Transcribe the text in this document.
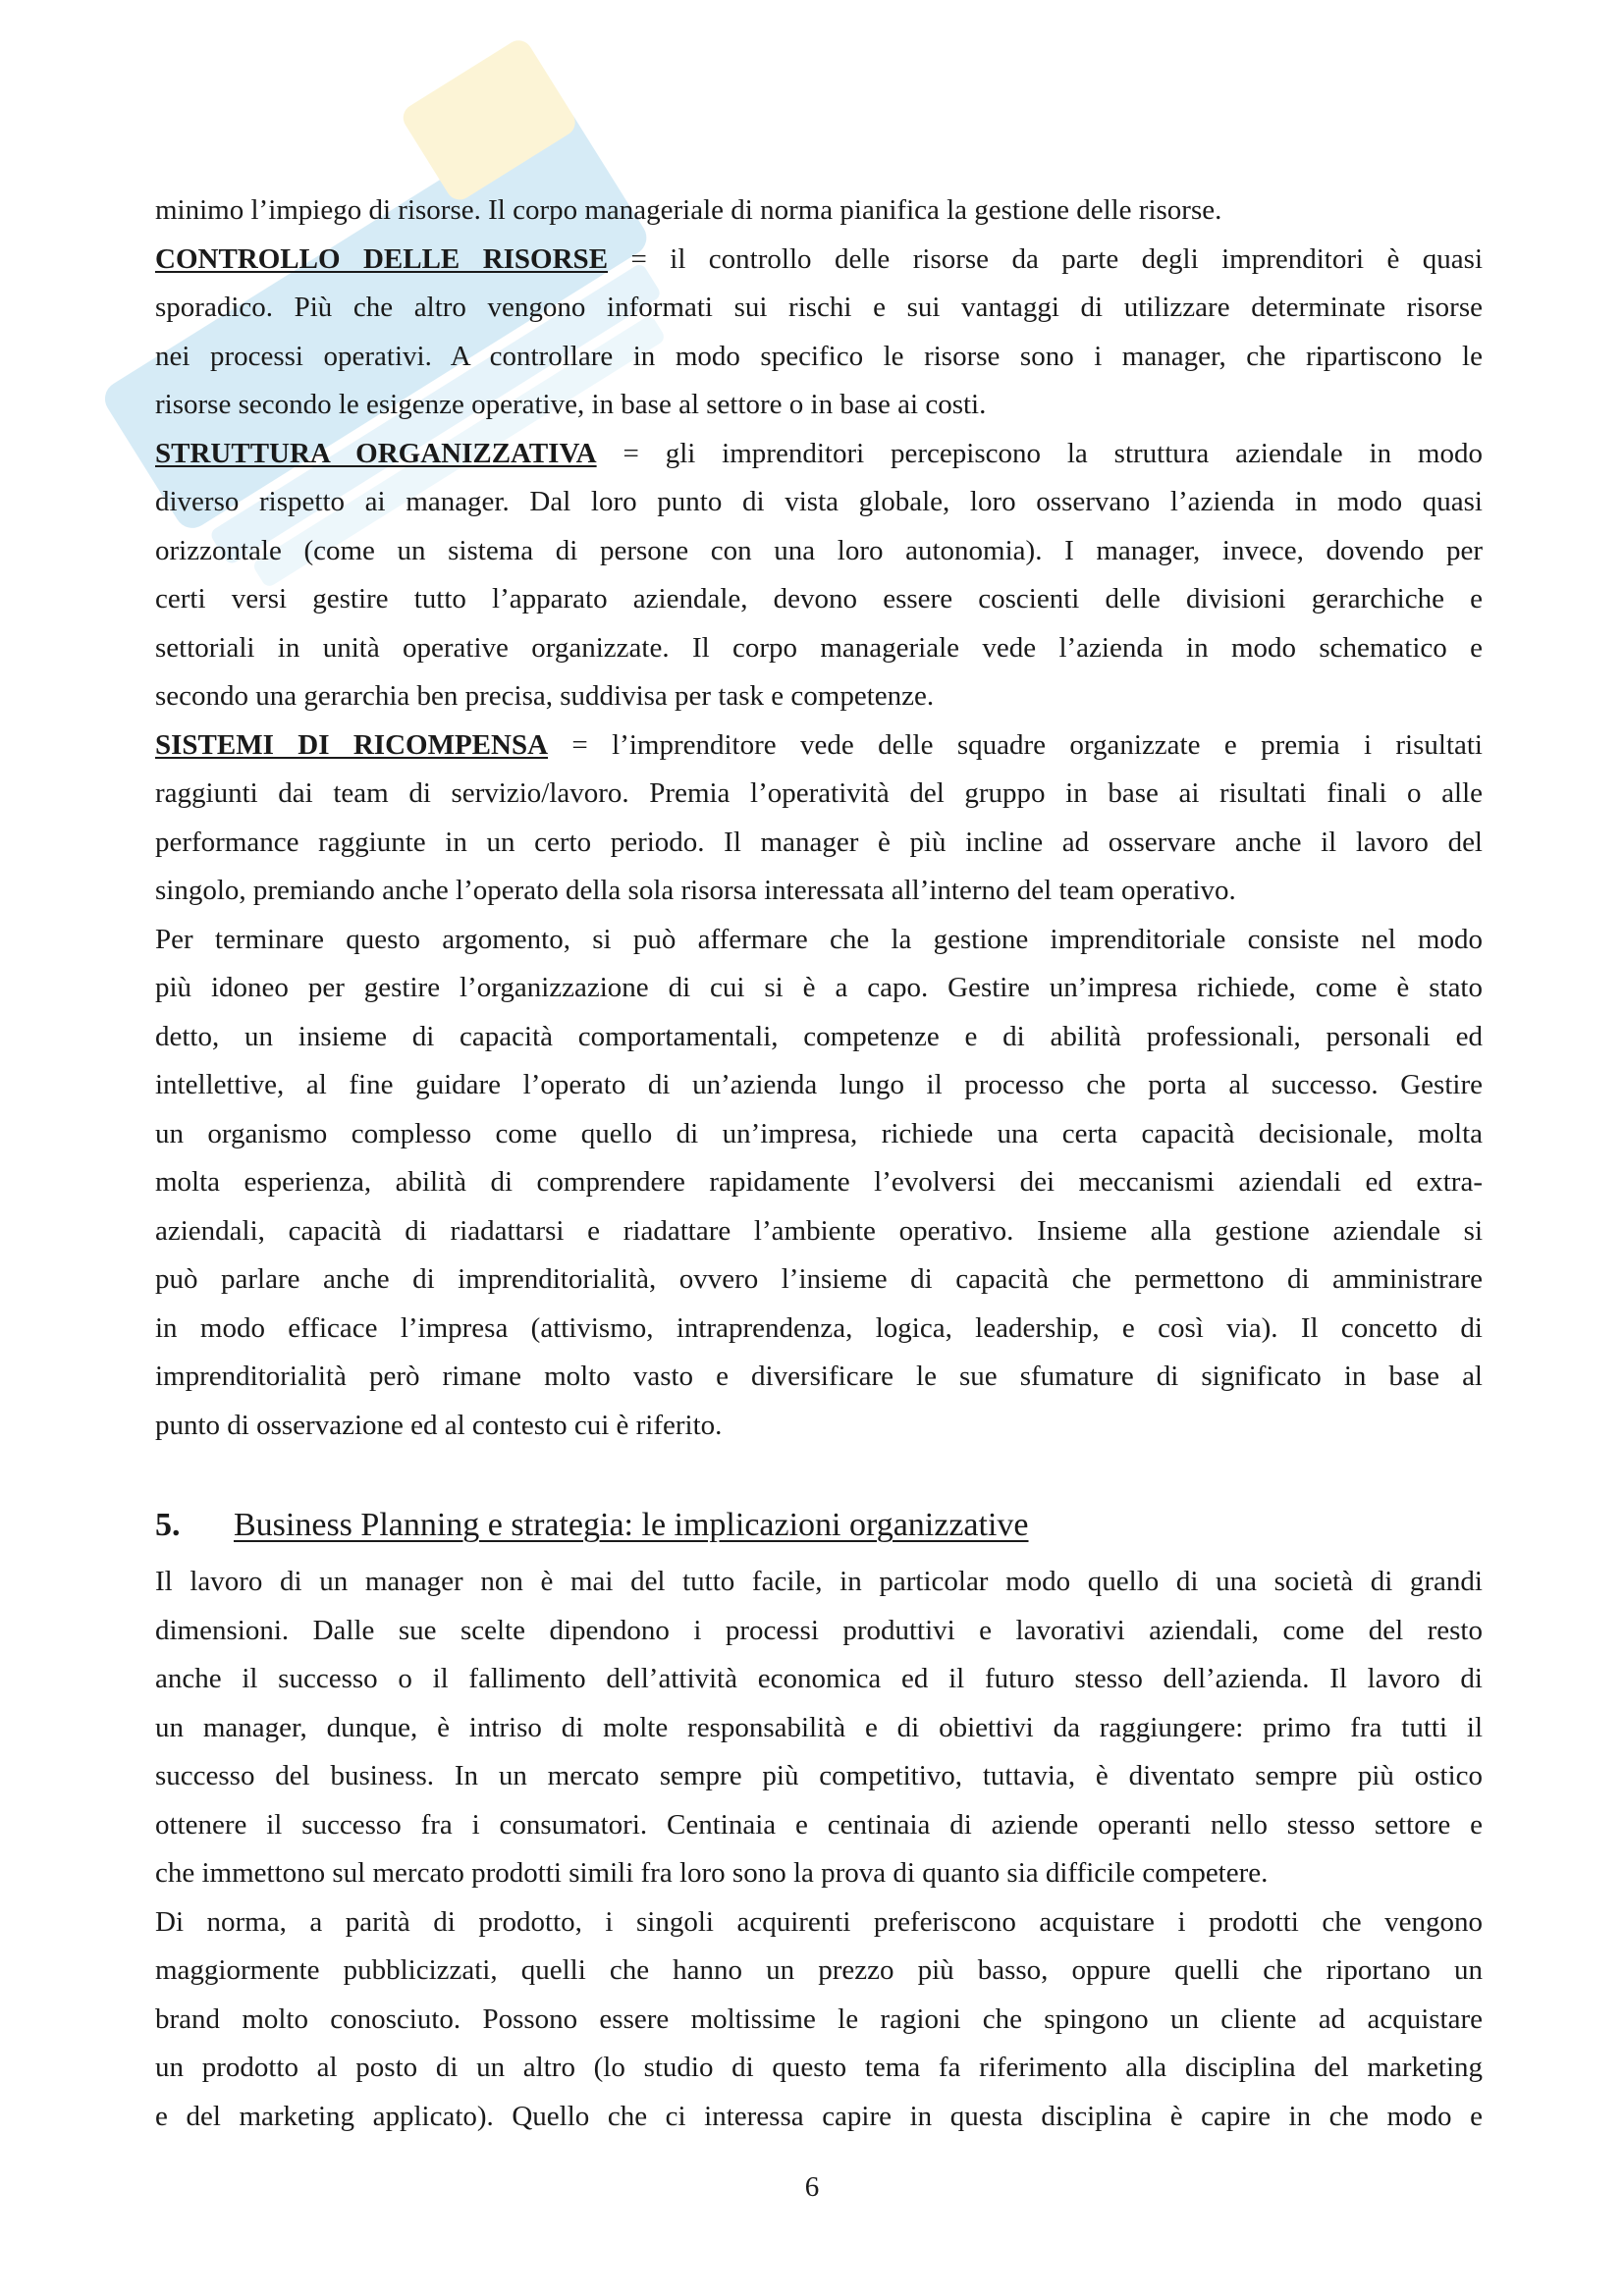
minimo l’impiego di risorse. Il corpo manageriale di norma pianifica la gestione delle risorse.
CONTROLLO DELLE RISORSE = il controllo delle risorse da parte degli imprenditori è quasi
sporadico. Più che altro vengono informati sui rischi e sui vantaggi di utilizzare determinate risorse
nei processi operativi. A controllare in modo specifico le risorse sono i manager, che ripartiscono le
risorse secondo le esigenze operative, in base al settore o in base ai costi.
STRUTTURA ORGANIZZATIVA = gli imprenditori percepiscono la struttura aziendale in modo
diverso rispetto ai manager. Dal loro punto di vista globale, loro osservano l’azienda in modo quasi
orizzontale (come un sistema di persone con una loro autonomia). I manager, invece, dovendo per
certi versi gestire tutto l’apparato aziendale, devono essere coscienti delle divisioni gerarchiche e
settoriali in unità operative organizzate. Il corpo manageriale vede l’azienda in modo schematico e
secondo una gerarchia ben precisa, suddivisa per task e competenze.
SISTEMI DI RICOMPENSA = l’imprenditore vede delle squadre organizzate e premia i risultati
raggiunti dai team di servizio/lavoro. Premia l’operatività del gruppo in base ai risultati finali o alle
performance raggiunte in un certo periodo. Il manager è più incline ad osservare anche il lavoro del
singolo, premiando anche l’operato della sola risorsa interessata all’interno del team operativo.
Per terminare questo argomento, si può affermare che la gestione imprenditoriale consiste nel modo
più idoneo per gestire l’organizzazione di cui si è a capo. Gestire un’impresa richiede, come è stato
detto, un insieme di capacità comportamentali, competenze e di abilità professionali, personali ed
intellettive, al fine guidare l’operato di un’azienda lungo il processo che porta al successo. Gestire
un organismo complesso come quello di un’impresa, richiede una certa capacità decisionale, molta
molta esperienza, abilità di comprendere rapidamente l’evolversi dei meccanismi aziendali ed extra-
aziendali, capacità di riadattarsi e riadattare l’ambiente operativo. Insieme alla gestione aziendale si
può parlare anche di imprenditorialità, ovvero l’insieme di capacità che permettono di amministrare
in modo efficace l’impresa (attivismo, intraprendenza, logica, leadership, e così via). Il concetto di
imprenditorialità però rimane molto vasto e diversificare le sue sfumature di significato in base al
punto di osservazione ed al contesto cui è riferito.
5. Business Planning e strategia: le implicazioni organizzative
Il lavoro di un manager non è mai del tutto facile, in particolar modo quello di una società di grandi
dimensioni. Dalle sue scelte dipendono i processi produttivi e lavorativi aziendali, come del resto
anche il successo o il fallimento dell’attività economica ed il futuro stesso dell’azienda. Il lavoro di
un manager, dunque, è intriso di molte responsabilità e di obiettivi da raggiungere: primo fra tutti il
successo del business. In un mercato sempre più competitivo, tuttavia, è diventato sempre più ostico
ottenere il successo fra i consumatori. Centinaia e centinaia di aziende operanti nello stesso settore e
che immettono sul mercato prodotti simili fra loro sono la prova di quanto sia difficile competere.
Di norma, a parità di prodotto, i singoli acquirenti preferiscono acquistare i prodotti che vengono
maggiormente pubblicizzati, quelli che hanno un prezzo più basso, oppure quelli che riportano un
brand molto conosciuto. Possono essere moltissime le ragioni che spingono un cliente ad acquistare
un prodotto al posto di un altro (lo studio di questo tema fa riferimento alla disciplina del marketing
e del marketing applicato). Quello che ci interessa capire in questa disciplina è capire in che modo e
6
